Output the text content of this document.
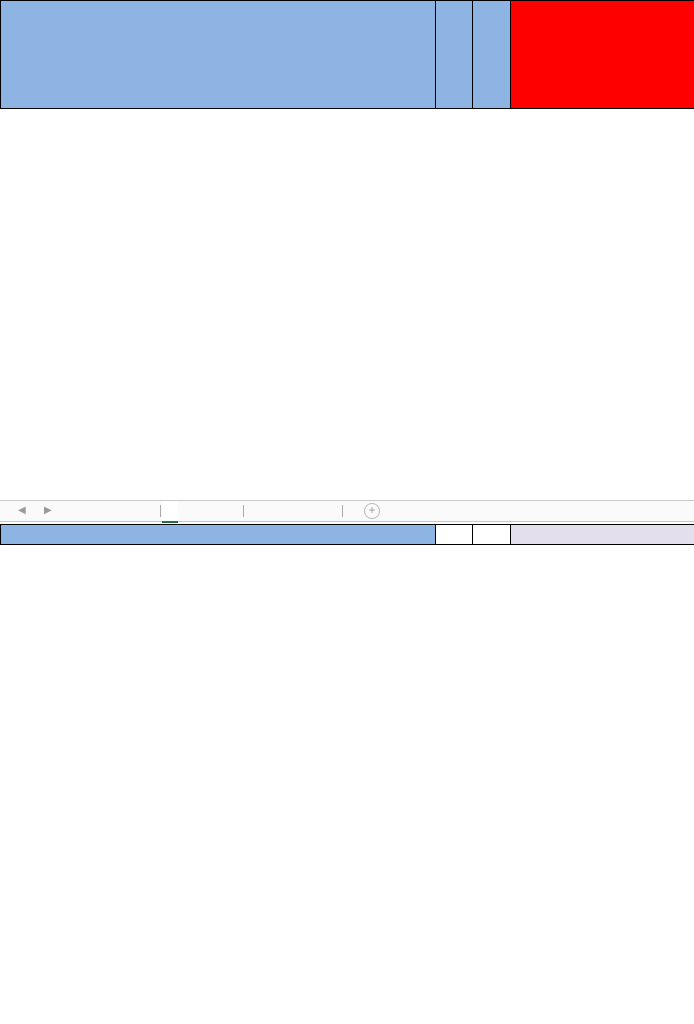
◀ ▶	+
